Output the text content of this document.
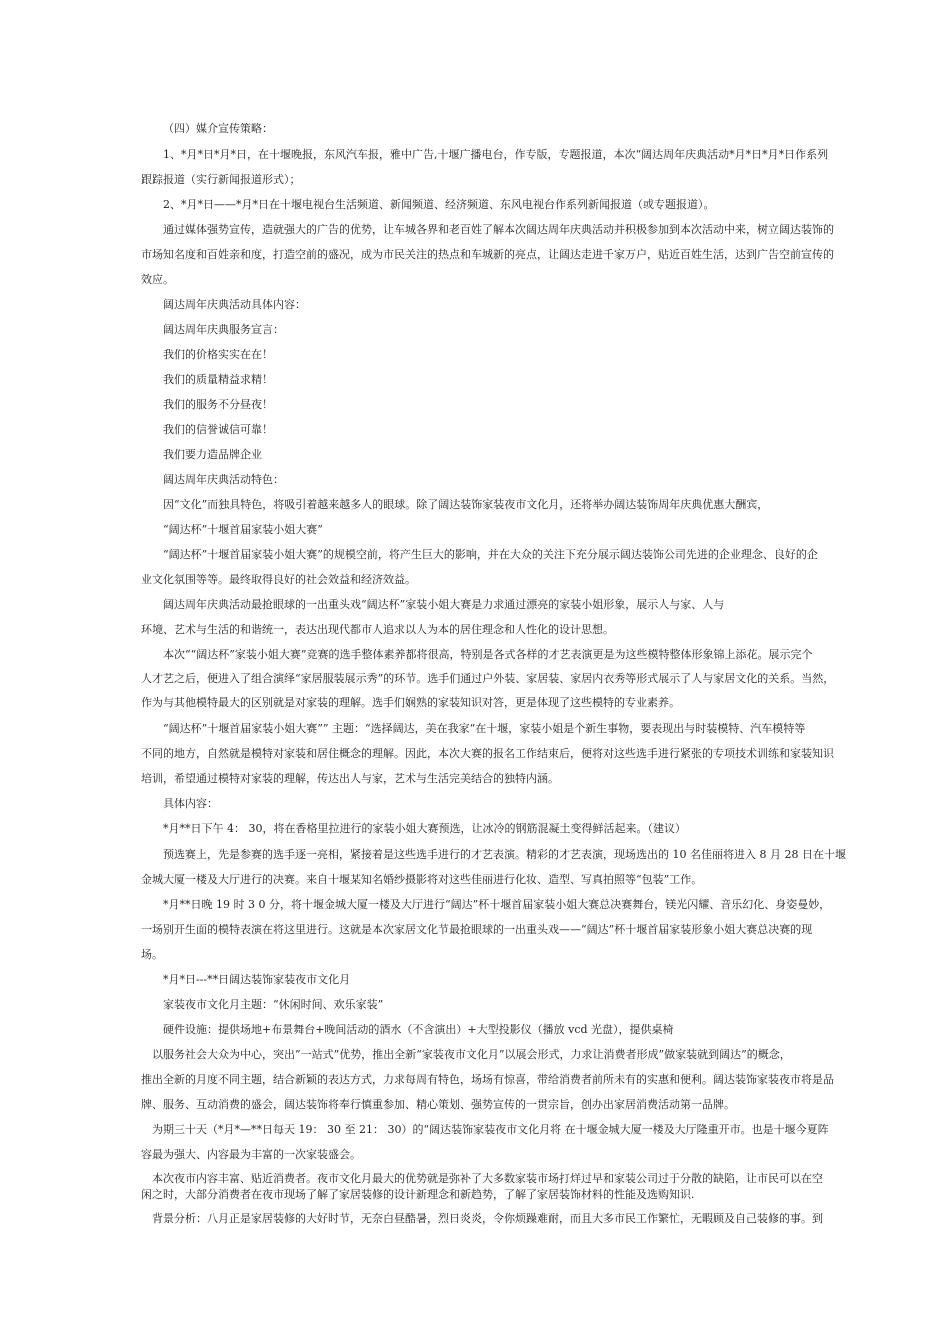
（四）媒介宣传策略：
1、*月*日*月*日，在十堰晚报，东风汽车报，雅中广告,十堰广播电台，作专版，专题报道，本次“阔达周年庆典活动*月*日*月*日作系列
跟踪报道（实行新闻报道形式）；
2、*月*日——*月*日在十堰电视台生活频道、新闻频道、经济频道、东风电视台作系列新闻报道（或专题报道）。
通过媒体强势宣传，造就强大的广告的优势，让车城各界和老百姓了解本次阔达周年庆典活动并积极参加到本次活动中来，树立阔达装饰的
市场知名度和百姓亲和度，打造空前的盛况，成为市民关注的热点和车城新的亮点，让阔达走进千家万户，贴近百姓生活，达到广告空前宣传的
效应。
阔达周年庆典活动具体内容：
阔达周年庆典服务宣言：
我们的价格实实在在！
我们的质量精益求精！
我们的服务不分昼夜！
我们的信誉诚信可靠！
我们要力造品牌企业
阔达周年庆典活动特色：
因“文化”而独具特色，将吸引着越来越多人的眼球。除了阔达装饰家装夜市文化月，还将举办阔达装饰周年庆典优惠大酬宾，
“阔达杯”十堰首届家装小姐大赛”
“阔达杯”十堰首届家装小姐大赛”的规模空前，将产生巨大的影响，并在大众的关注下充分展示阔达装饰公司先进的企业理念、良好的企
业文化氛围等等。最终取得良好的社会效益和经济效益。
阔达周年庆典活动最抢眼球的一出重头戏“阔达杯”家装小姐大赛是力求通过漂亮的家装小姐形象，展示人与家、人与
环境、艺术与生活的和谐统一，表达出现代都市人追求以人为本的居住理念和人性化的设计思想。
本次““阔达杯”家装小姐大赛”竞赛的选手整体素养都将很高，特别是各式各样的才艺表演更是为这些模特整体形象锦上添花。展示完个
人才艺之后，便进入了组合演绎“家居服装展示秀”的环节。选手们通过户外装、家居装、家居内衣秀等形式展示了人与家居文化的关系。当然，
作为与其他模特最大的区别就是对家装的理解。选手们娴熟的家装知识对答，更是体现了这些模特的专业素养。
“阔达杯”十堰首届家装小姐大赛”” 主题：“选择阔达，美在我家“在十堰，家装小姐是个新生事物，要表现出与时装模特、汽车模特等
不同的地方，自然就是模特对家装和居住概念的理解。因此，本次大赛的报名工作结束后，便将对这些选手进行紧张的专项技术训练和家装知识
培训，希望通过模特对家装的理解，传达出人与家，艺术与生活完美结合的独特内涵。
具体内容：
*月**日下午 4： 30，将在香格里拉进行的家装小姐大赛预选，让冰冷的钢筋混凝土变得鲜活起来。（建议）
预选赛上，先是参赛的选手逐一亮相，紧接着是这些选手进行的才艺表演。精彩的才艺表演，现场选出的 10 名佳丽将进入 8 月 28 日在十堰
金城大厦一楼及大厅进行的决赛。来自十堰某知名婚纱摄影将对这些佳丽进行化妆、造型、写真拍照等“包装”工作。
*月**日晚 19 时 3 0 分，将十堰金城大厦一楼及大厅进行“阔达”杯十堰首届家装小姐大赛总决赛舞台，镁光闪耀、音乐幻化、身姿曼妙，
一场别开生面的模特表演在将这里进行。这就是本次家居文化节最抢眼球的一出重头戏——“阔达”杯十堰首届家装形象小姐大赛总决赛的现
场。
*月*日---**日阔达装饰家装夜市文化月
家装夜市文化月主题：“休闲时间、欢乐家装”
硬件设施：提供场地+布景舞台+晚间活动的酒水（不含演出）+大型投影仪（播放 vcd 光盘），提供桌椅
以服务社会大众为中心，突出”一站式”优势，推出全新“家装夜市文化月”以展会形式，力求让消费者形成”做家装就到阔达”的概念，
推出全新的月度不同主题，结合新颖的表达方式，力求每周有特色，场场有惊喜，带给消费者前所未有的实惠和便利。阔达装饰家装夜市将是品
牌、服务、互动消费的盛会，阔达装饰将奉行慎重参加、精心策划、强势宣传的一贯宗旨，创办出家居消费活动第一品牌。
为期三十天（*月*—**日每天 19： 30 至 21： 30）的“阔达装饰家装夜市文化月将 在十堰金城大厦一楼及大厅隆重开市。也是十堰今夏阵
容最为强大、内容最为丰富的一次家装盛会。
本次夜市内容丰富、贴近消费者。夜市文化月最大的优势就是弥补了大多数家装市场打烊过早和家装公司过于分散的缺陷，让市民可以在空
闲之时，大部分消费者在夜市现场了解了家居装修的设计新理念和新趋势，了解了家居装饰材料的性能及选购知识.
背景分析：八月正是家居装修的大好时节，无奈白昼酷暑，烈日炎炎，令你烦躁难耐，而且大多市民工作繁忙，无暇顾及自己装修的事。到
